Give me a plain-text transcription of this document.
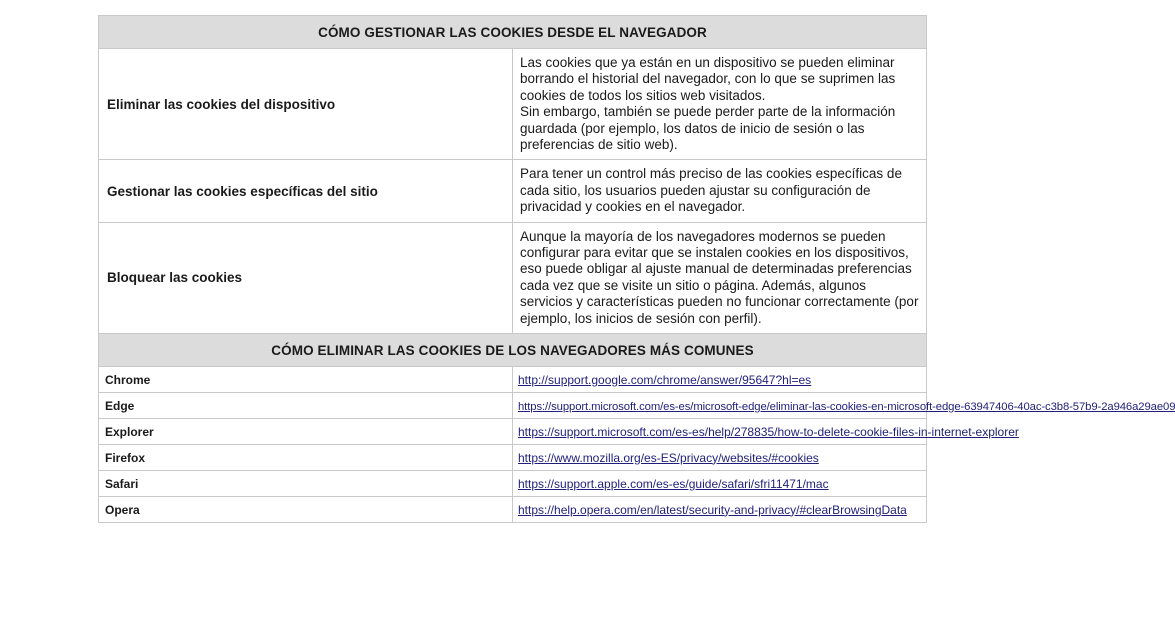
CÓMO GESTIONAR LAS COOKIES DESDE EL NAVEGADOR	
Eliminar las cookies del dispositivo	Las cookies que ya están en un dispositivo se pueden eliminar borrando el historial del navegador, con lo que se suprimen las cookies de todos los sitios web visitados.
Sin embargo, también se puede perder parte de la información guardada (por ejemplo, los datos de inicio de sesión o las preferencias de sitio web).
Gestionar las cookies específicas del sitio	Para tener un control más preciso de las cookies específicas de cada sitio, los usuarios pueden ajustar su configuración de privacidad y cookies en el navegador.
Bloquear las cookies	Aunque la mayoría de los navegadores modernos se pueden configurar para evitar que se instalen cookies en los dispositivos, eso puede obligar al ajuste manual de determinadas preferencias cada vez que se visite un sitio o página. Además, algunos servicios y características pueden no funcionar correctamente (por ejemplo, los inicios de sesión con perfil).
CÓMO ELIMINAR LAS COOKIES DE LOS NAVEGADORES MÁS COMUNES	
Chrome	http://support.google.com/chrome/answer/95647?hl=es
Edge	https://support.microsoft.com/es-es/microsoft-edge/eliminar-las-cookies-en-microsoft-edge-63947406-40ac-c3b8-57b9-2a946a29ae09
Explorer	https://support.microsoft.com/es-es/help/278835/how-to-delete-cookie-files-in-internet-explorer
Firefox	https://www.mozilla.org/es-ES/privacy/websites/#cookies
Safari	https://support.apple.com/es-es/guide/safari/sfri11471/mac
Opera	https://help.opera.com/en/latest/security-and-privacy/#clearBrowsingData
